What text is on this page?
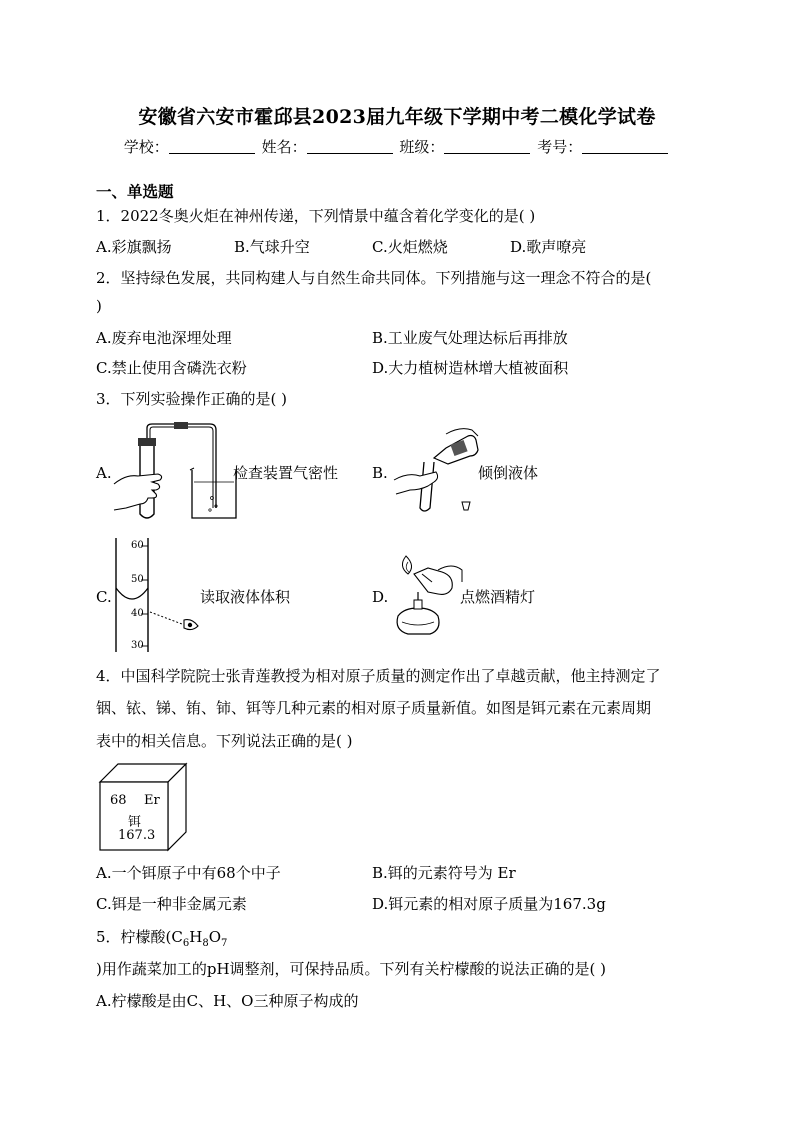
安徽省六安市霍邱县2023届九年级下学期中考二模化学试卷
学校：	姓名：	班级：	考号：
一、单选题
1．2022冬奥火炬在神州传递，下列情景中蕴含着化学变化的是( )
A.彩旗飘扬	B.气球升空	C.火炬燃烧	D.歌声嘹亮
2．坚持绿色发展，共同构建人与自然生命共同体。下列措施与这一理念不符合的是(
)
A.废弃电池深埋处理	B.工业废气处理达标后再排放
C.禁止使用含磷洗衣粉	D.大力植树造林增大植被面积
3．下列实验操作正确的是( )
A.	检查装置气密性 B.	倾倒液体
C.
60
50
40
30
读取液体体积	D.	点燃酒精灯
4．中国科学院院士张青莲教授为相对原子质量的测定作出了卓越贡献，他主持测定了
铟、铱、锑、铕、铈、铒等几种元素的相对原子质量新值。如图是铒元素在元素周期
表中的相关信息。下列说法正确的是( )
68 Er
铒
167.3
A.一个铒原子中有68个中子	B.铒的元素符号为 Er
C.铒是一种非金属元素	D.铒元素的相对原子质量为167.3g
5．柠檬酸($C_6H_8O_7$
)用作蔬菜加工的pH调整剂，可保持品质。下列有关柠檬酸的说法正确的是( )
A.柠檬酸是由C、H、O三种原子构成的
